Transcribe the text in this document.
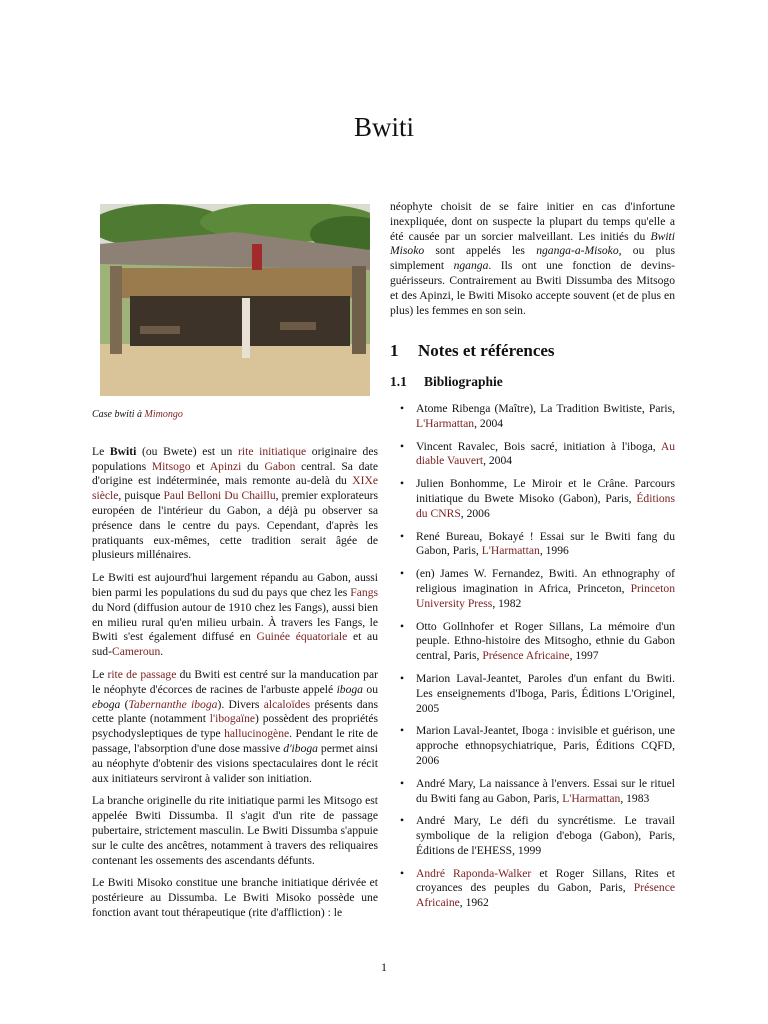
Bwiti
Case bwiti à Mimongo

Le Bwiti (ou Bwete) est un rite initiatique originaire des populations Mitsogo et Apinzi du Gabon central. Sa date d'origine est indéterminée, mais remonte au-delà du XIXe siècle, puisque Paul Belloni Du Chaillu, premier explorateurs européen de l'intérieur du Gabon, a déjà pu observer sa présence dans le centre du pays. Cependant, d'après les pratiquants eux-mêmes, cette tradition serait âgée de plusieurs millénaires.

Le Bwiti est aujourd'hui largement répandu au Gabon, aussi bien parmi les populations du sud du pays que chez les Fangs du Nord (diffusion autour de 1910 chez les Fangs), aussi bien en milieu rural qu'en milieu urbain. À travers les Fangs, le Bwiti s'est également diffusé en Guinée équatoriale et au sud-Cameroun.

Le rite de passage du Bwiti est centré sur la manducation par le néophyte d'écorces de racines de l'arbuste appelé iboga ou eboga (Tabernanthe iboga). Divers alcaloïdes présents dans cette plante (notamment l'ibogaïne) possèdent des propriétés psychodysleptiques de type hallucinogène. Pendant le rite de passage, l'absorption d'une dose massive d'iboga permet ainsi au néophyte d'obtenir des visions spectaculaires dont le récit aux initiateurs serviront à valider son initiation.

La branche originelle du rite initiatique parmi les Mitsogo est appelée Bwiti Dissumba. Il s'agit d'un rite de passage pubertaire, strictement masculin. Le Bwiti Dissumba s'appuie sur le culte des ancêtres, notamment à travers des reliquaires contenant les ossements des ascendants défunts.

Le Bwiti Misoko constitue une branche initiatique dérivée et postérieure au Dissumba. Le Bwiti Misoko possède une fonction avant tout thérapeutique (rite d'affliction) : le

néophyte choisit de se faire initier en cas d'infortune inexpliquée, dont on suspecte la plupart du temps qu'elle a été causée par un sorcier malveillant. Les initiés du Bwiti Misoko sont appelés les nganga-a-Misoko, ou plus simplement nganga. Ils ont une fonction de devins-guérisseurs. Contrairement au Bwiti Dissumba des Mitsogo et des Apinzi, le Bwiti Misoko accepte souvent (et de plus en plus) les femmes en son sein.

1 Notes et références
1.1 Bibliographie
• Atome Ribenga (Maître), La Tradition Bwitiste, Paris, L'Harmattan, 2004
• Vincent Ravalec, Bois sacré, initiation à l'iboga, Au diable Vauvert, 2004
• Julien Bonhomme, Le Miroir et le Crâne. Parcours initiatique du Bwete Misoko (Gabon), Paris, Éditions du CNRS, 2006
• René Bureau, Bokayé ! Essai sur le Bwiti fang du Gabon, Paris, L'Harmattan, 1996
• (en) James W. Fernandez, Bwiti. An ethnography of religious imagination in Africa, Princeton, Princeton University Press, 1982
• Otto Gollnhofer et Roger Sillans, La mémoire d'un peuple. Ethno-histoire des Mitsogho, ethnie du Gabon central, Paris, Présence Africaine, 1997
• Marion Laval-Jeantet, Paroles d'un enfant du Bwiti. Les enseignements d'Iboga, Paris, Éditions L'Originel, 2005
• Marion Laval-Jeantet, Iboga : invisible et guérison, une approche ethnopsychiatrique, Paris, Éditions CQFD, 2006
• André Mary, La naissance à l'envers. Essai sur le rituel du Bwiti fang au Gabon, Paris, L'Harmattan, 1983
• André Mary, Le défi du syncrétisme. Le travail symbolique de la religion d'eboga (Gabon), Paris, Éditions de l'EHESS, 1999
• André Raponda-Walker et Roger Sillans, Rites et croyances des peuples du Gabon, Paris, Présence Africaine, 1962
1
